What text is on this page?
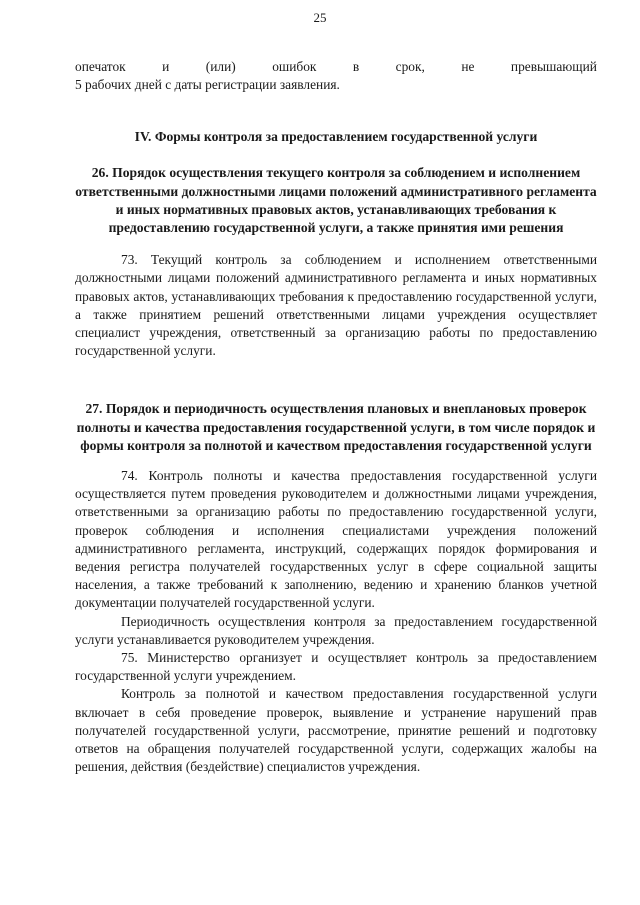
25
опечаток	и	(или)	ошибок	в	срок,	не	превышающий

5 рабочих дней с даты регистрации заявления.

IV. Формы контроля за предоставлением государственной услуги

26. Порядок осуществления текущего контроля за соблюдением и исполнением ответственными должностными лицами положений административного регламента и иных нормативных правовых актов, устанавливающих требования к предоставлению государственной услуги, а также принятия ими решения

73. Текущий контроль за соблюдением и исполнением ответственными должностными лицами положений административного регламента и иных нормативных правовых актов, устанавливающих требования к предоставлению государственной услуги, а также принятием решений ответственными лицами учреждения осуществляет специалист учреждения, ответственный за организацию работы по предоставлению государственной услуги.

27. Порядок и периодичность осуществления плановых и внеплановых проверок полноты и качества предоставления государственной услуги, в том числе порядок и формы контроля за полнотой и качеством предоставления государственной услуги

74. Контроль полноты и качества предоставления государственной услуги осуществляется путем проведения руководителем и должностными лицами учреждения, ответственными за организацию работы по предоставлению государственной услуги, проверок соблюдения и исполнения специалистами учреждения положений административного регламента, инструкций, содержащих порядок формирования и ведения регистра получателей государственных услуг в сфере социальной защиты населения, а также требований к заполнению, ведению и хранению бланков учетной документации получателей государственной услуги.

Периодичность осуществления контроля за предоставлением государственной услуги устанавливается руководителем учреждения.

75. Министерство организует и осуществляет контроль за предоставлением государственной услуги учреждением.

Контроль за полнотой и качеством предоставления государственной услуги включает в себя проведение проверок, выявление и устранение нарушений прав получателей государственной услуги, рассмотрение, принятие решений и подготовку ответов на обращения получателей государственной услуги, содержащих жалобы на решения, действия (бездействие) специалистов учреждения.
